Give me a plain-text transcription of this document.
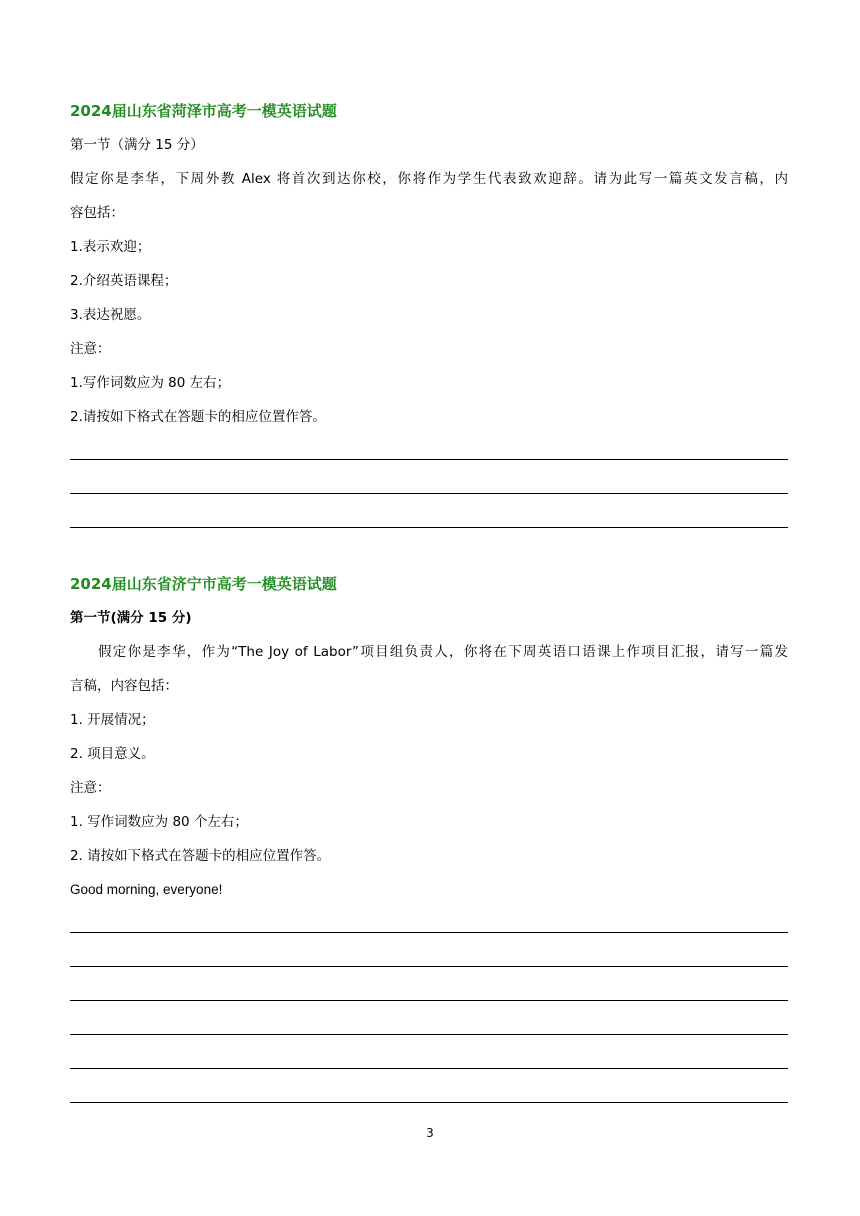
2024届山东省菏泽市高考一模英语试题
第一节（满分 15 分）
假定你是李华，下周外教 Alex 将首次到达你校，你将作为学生代表致欢迎辞。请为此写一篇英文发言稿，内
容包括：
1.表示欢迎；
2.介绍英语课程；
3.表达祝愿。
注意：
1.写作词数应为 80 左右；
2.请按如下格式在答题卡的相应位置作答。
2024届山东省济宁市高考一模英语试题
第一节(满分 15 分)
假定你是李华，作为“The Joy of Labor”项目组负责人，你将在下周英语口语课上作项目汇报，请写一篇发
言稿，内容包括：
1. 开展情况；
2. 项目意义。
注意：
1. 写作词数应为 80 个左右；
2. 请按如下格式在答题卡的相应位置作答。
Good morning, everyone!
3
